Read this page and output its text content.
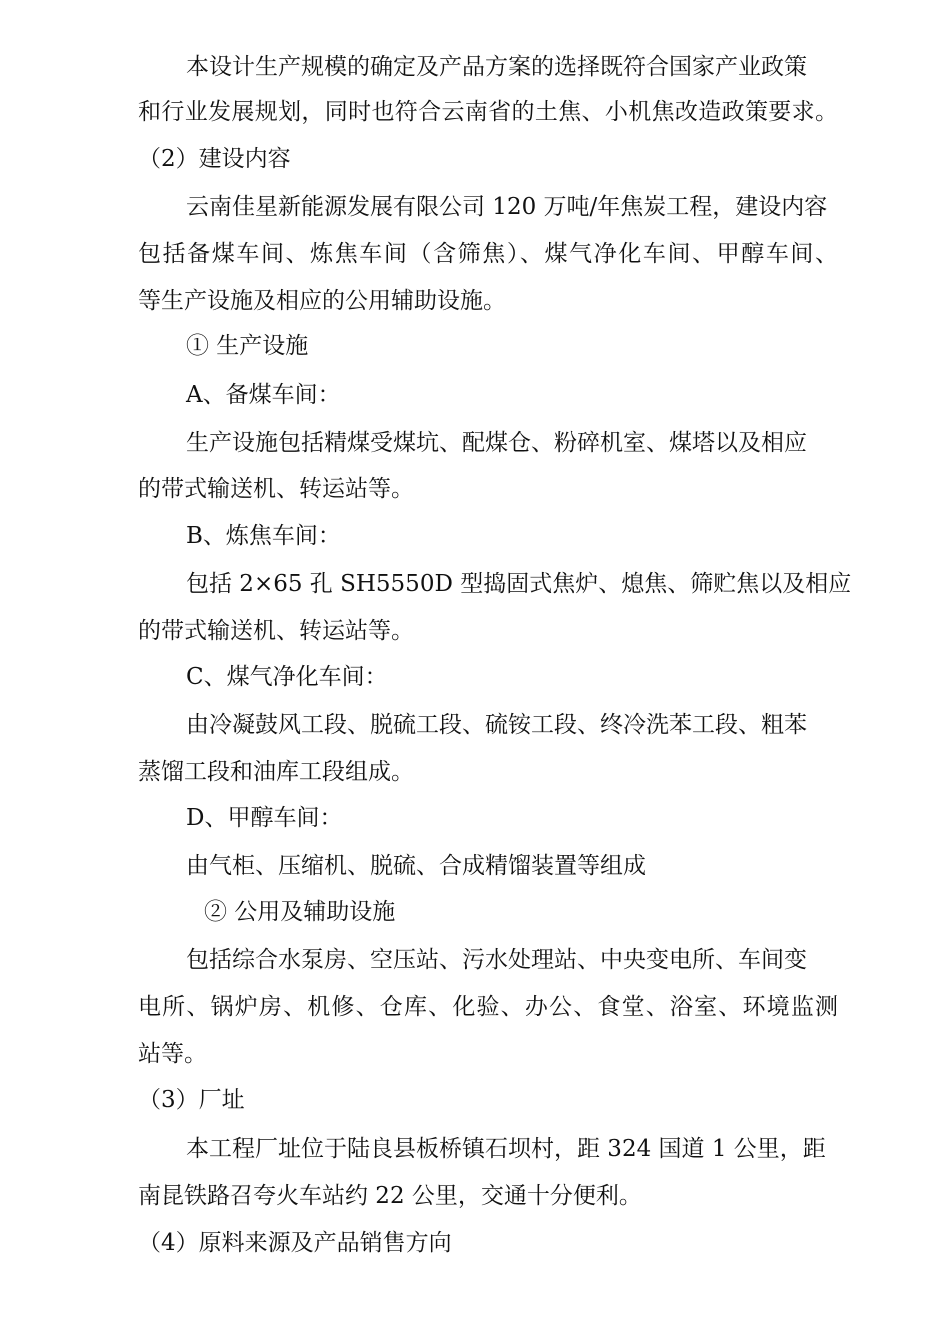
本设计生产规模的确定及产品方案的选择既符合国家产业政策
和行业发展规划，同时也符合云南省的土焦、小机焦改造政策要求。
（2）建设内容
云南佳星新能源发展有限公司 120 万吨/年焦炭工程，建设内容
包括备煤车间、炼焦车间（含筛焦）、煤气净化车间、甲醇车间、
等生产设施及相应的公用辅助设施。
① 生产设施
A、备煤车间：
生产设施包括精煤受煤坑、配煤仓、粉碎机室、煤塔以及相应
的带式输送机、转运站等。
B、炼焦车间：
包括 2×65 孔 SH5550D 型捣固式焦炉、熄焦、筛贮焦以及相应
的带式输送机、转运站等。
C、煤气净化车间：
由冷凝鼓风工段、脱硫工段、硫铵工段、终冷洗苯工段、粗苯
蒸馏工段和油库工段组成。
D、甲醇车间：
由气柜、压缩机、脱硫、合成精馏装置等组成
② 公用及辅助设施
包括综合水泵房、空压站、污水处理站、中央变电所、车间变
电所、锅炉房、机修、仓库、化验、办公、食堂、浴室、环境监测
站等。
（3）厂址
本工程厂址位于陆良县板桥镇石坝村，距 324 国道 1 公里，距
南昆铁路召夸火车站约 22 公里，交通十分便利。
（4）原料来源及产品销售方向
